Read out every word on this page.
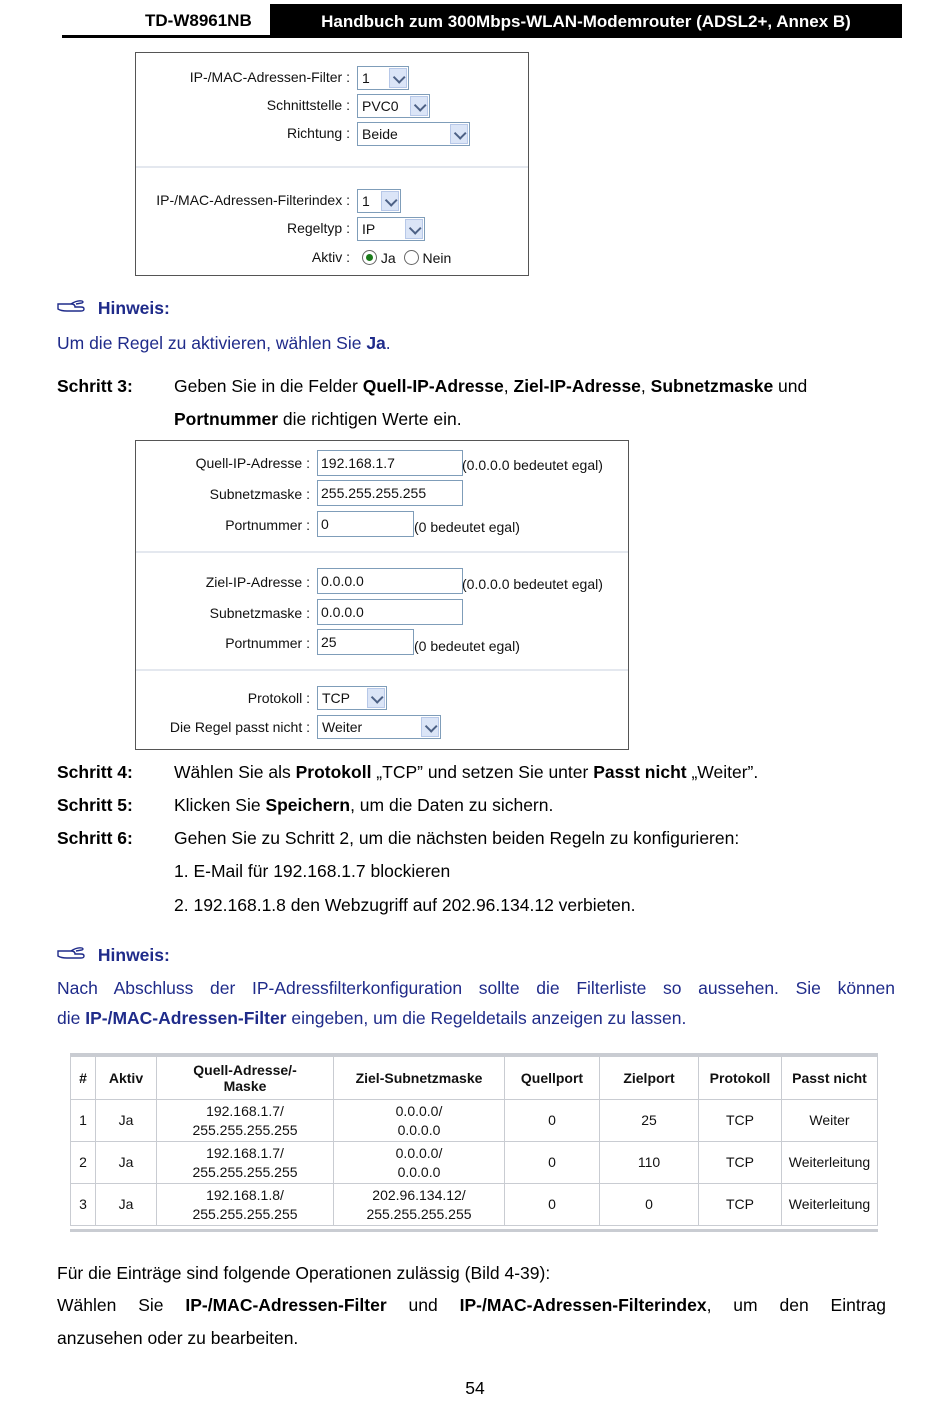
TD-W8961NB	Handbuch zum 300Mbps-WLAN-Modemrouter (ADSL2+, Annex B)
IP-/MAC-Adressen-Filter : 1
Schnittstelle : PVC0
Richtung : Beide
IP-/MAC-Adressen-Filterindex : 1
Regeltyp : IP
Aktiv :	Ja Nein
Hinweis:
Um die Regel zu aktivieren, wählen Sie Ja.
Schritt 3: Geben Sie in die Felder Quell-IP-Adresse, Ziel-IP-Adresse, Subnetzmaske und
Portnummer die richtigen Werte ein.
Quell-IP-Adresse : 192.168.1.7	(0.0.0.0 bedeutet egal)
Subnetzmaske : 255.255.255.255
Portnummer : 0	(0 bedeutet egal)
Ziel-IP-Adresse : 0.0.0.0	(0.0.0.0 bedeutet egal)
Subnetzmaske : 0.0.0.0
Portnummer : 25	(0 bedeutet egal)
Protokoll : TCP
Die Regel passt nicht : Weiter
Schritt 4: Wählen Sie als Protokoll „TCP” und setzen Sie unter Passt nicht „Weiter”.
Schritt 5: Klicken Sie Speichern, um die Daten zu sichern.
Schritt 6: Gehen Sie zu Schritt 2, um die nächsten beiden Regeln zu konfigurieren:
1. E-Mail für 192.168.1.7 blockieren
2. 192.168.1.8 den Webzugriff auf 202.96.134.12 verbieten.
Hinweis:
Nach Abschluss der IP-Adressfilterkonfiguration sollte die Filterliste so aussehen. Sie können
die IP-/MAC-Adressen-Filter eingeben, um die Regeldetails anzeigen zu lassen.
#	Aktiv	Quell-Adresse/-
Maske	Ziel-Subnetzmaske	Quellport	Zielport	Protokoll	Passt nicht
1	Ja	192.168.1.7/
255.255.255.255	0.0.0.0/
0.0.0.0	0	25	TCP	Weiter
2	Ja	192.168.1.7/
255.255.255.255	0.0.0.0/
0.0.0.0	0	110	TCP	Weiterleitung
3	Ja	192.168.1.8/
255.255.255.255	202.96.134.12/
255.255.255.255	0	0	TCP	Weiterleitung
Für die Einträge sind folgende Operationen zulässig (Bild 4-39):
Wählen Sie IP-/MAC-Adressen-Filter und IP-/MAC-Adressen-Filterindex, um den Eintrag
anzusehen oder zu bearbeiten.
54
